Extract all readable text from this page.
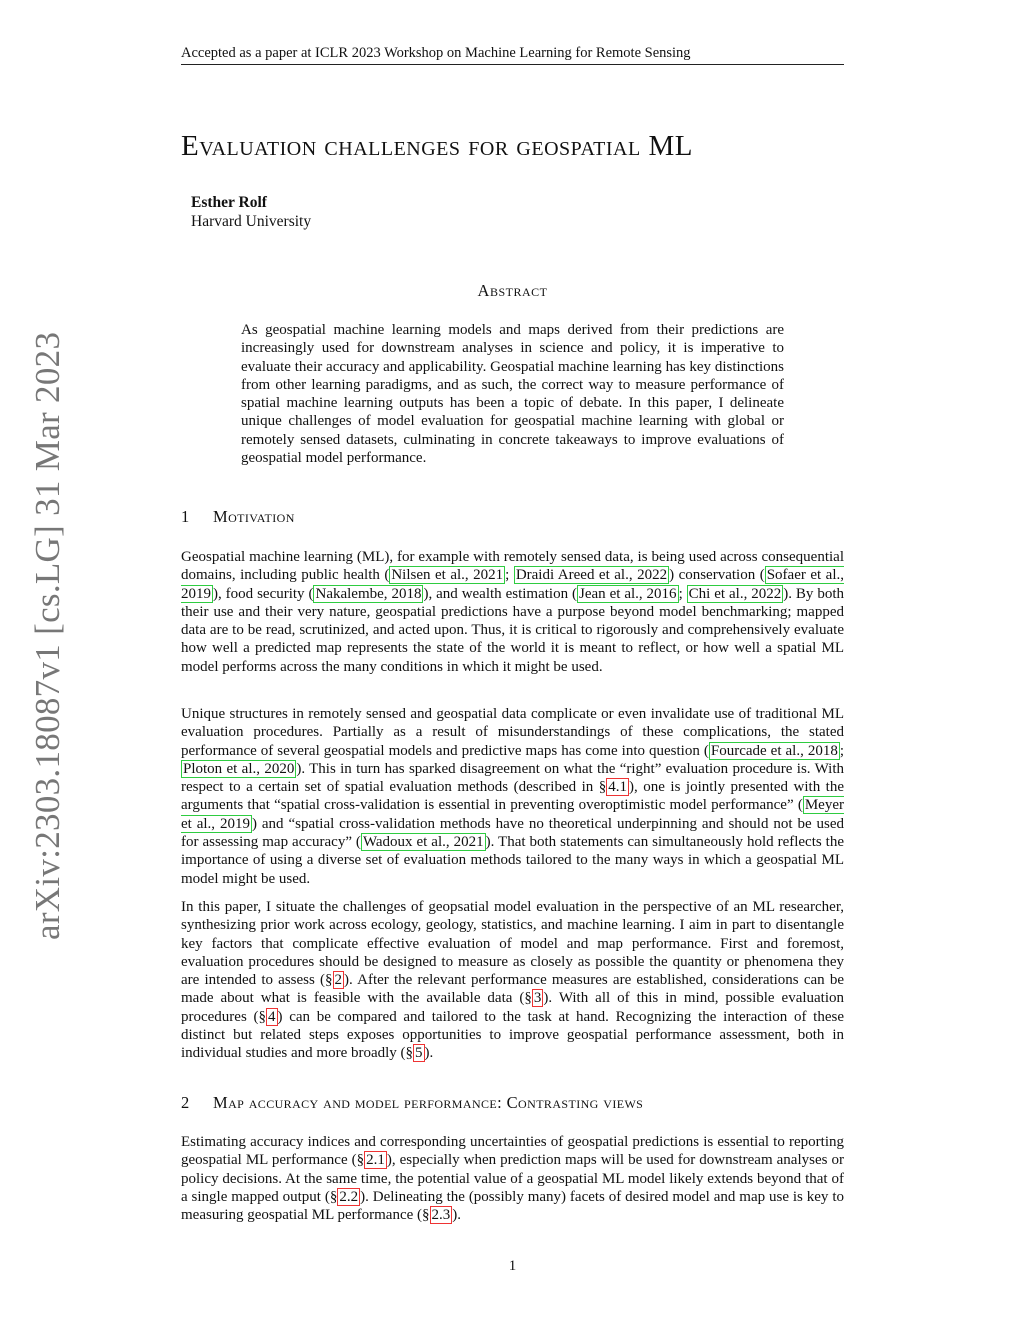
Accepted as a paper at ICLR 2023 Workshop on Machine Learning for Remote Sensing
arXiv:2303.18087v1 [cs.LG] 31 Mar 2023
Evaluation challenges for geospatial ML
Esther Rolf
Harvard University
Abstract
As geospatial machine learning models and maps derived from their predictions are increasingly used for downstream analyses in science and policy, it is imperative to evaluate their accuracy and applicability. Geospatial machine learning has key distinctions from other learning paradigms, and as such, the correct way to measure performance of spatial machine learning outputs has been a topic of debate. In this paper, I delineate unique challenges of model evaluation for geospatial machine learning with global or remotely sensed datasets, culminating in concrete takeaways to improve evaluations of geospatial model performance.
1 Motivation

Geospatial machine learning (ML), for example with remotely sensed data, is being used across consequential domains, including public health ( Nilsen et al., 2021 ; Draidi Areed et al., 2022 ) conservation ( Sofaer et al., 2019 ), food security ( Nakalembe, 2018 ), and wealth estimation ( Jean et al., 2016 ; Chi et al., 2022 ). By both their use and their very nature, geospatial predictions have a purpose beyond model benchmarking; mapped data are to be read, scrutinized, and acted upon. Thus, it is critical to rigorously and comprehensively evaluate how well a predicted map represents the state of the world it is meant to reflect, or how well a spatial ML model performs across the many conditions in which it might be used.

Unique structures in remotely sensed and geospatial data complicate or even invalidate use of traditional ML evaluation procedures. Partially as a result of misunderstandings of these complications, the stated performance of several geospatial models and predictive maps has come into question ( Fourcade et al., 2018 ; Ploton et al., 2020 ). This in turn has sparked disagreement on what the “right” evaluation procedure is. With respect to a certain set of spatial evaluation methods (described in § 4.1 ), one is jointly presented with the arguments that “spatial cross-validation is essential in preventing overoptimistic model performance” ( Meyer et al., 2019 ) and “spatial cross-validation methods have no theoretical underpinning and should not be used for assessing map accuracy” ( Wadoux et al., 2021 ). That both statements can simultaneously hold reflects the importance of using a diverse set of evaluation methods tailored to the many ways in which a geospatial ML model might be used.

In this paper, I situate the challenges of geopsatial model evaluation in the perspective of an ML researcher, synthesizing prior work across ecology, geology, statistics, and machine learning. I aim in part to disentangle key factors that complicate effective evaluation of model and map performance. First and foremost, evaluation procedures should be designed to measure as closely as possible the quantity or phenomena they are intended to assess (§ 2 ). After the relevant performance measures are established, considerations can be made about what is feasible with the available data (§ 3 ). With all of this in mind, possible evaluation procedures (§ 4 ) can be compared and tailored to the task at hand. Recognizing the interaction of these distinct but related steps exposes opportunities to improve geospatial performance assessment, both in individual studies and more broadly (§ 5 ).

2 Map accuracy and model performance: Contrasting views

Estimating accuracy indices and corresponding uncertainties of geospatial predictions is essential to reporting geospatial ML performance (§ 2.1 ), especially when prediction maps will be used for downstream analyses or policy decisions. At the same time, the potential value of a geospatial ML model likely extends beyond that of a single mapped output (§ 2.2 ). Delineating the (possibly many) facets of desired model and map use is key to measuring geospatial ML performance (§ 2.3 ).

1
